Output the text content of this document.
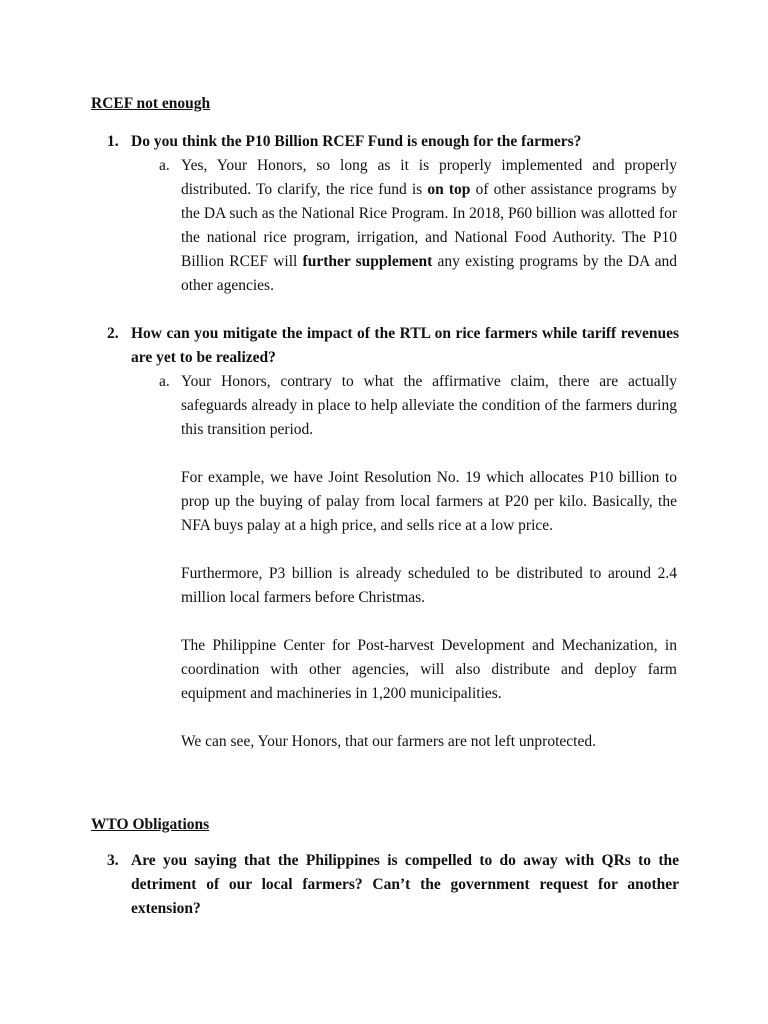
RCEF not enough
1. Do you think the P10 Billion RCEF Fund is enough for the farmers?
a. Yes, Your Honors, so long as it is properly implemented and properly distributed. To clarify, the rice fund is on top of other assistance programs by the DA such as the National Rice Program. In 2018, P60 billion was allotted for the national rice program, irrigation, and National Food Authority. The P10 Billion RCEF will further supplement any existing programs by the DA and other agencies.

2. How can you mitigate the impact of the RTL on rice farmers while tariff revenues are yet to be realized?
a. Your Honors, contrary to what the affirmative claim, there are actually safeguards already in place to help alleviate the condition of the farmers during this transition period.

For example, we have Joint Resolution No. 19 which allocates P10 billion to prop up the buying of palay from local farmers at P20 per kilo. Basically, the NFA buys palay at a high price, and sells rice at a low price.

Furthermore, P3 billion is already scheduled to be distributed to around 2.4 million local farmers before Christmas.

The Philippine Center for Post-harvest Development and Mechanization, in coordination with other agencies, will also distribute and deploy farm equipment and machineries in 1,200 municipalities.

We can see, Your Honors, that our farmers are not left unprotected.

WTO Obligations
3. Are you saying that the Philippines is compelled to do away with QRs to the detriment of our local farmers? Can’t the government request for another extension?
